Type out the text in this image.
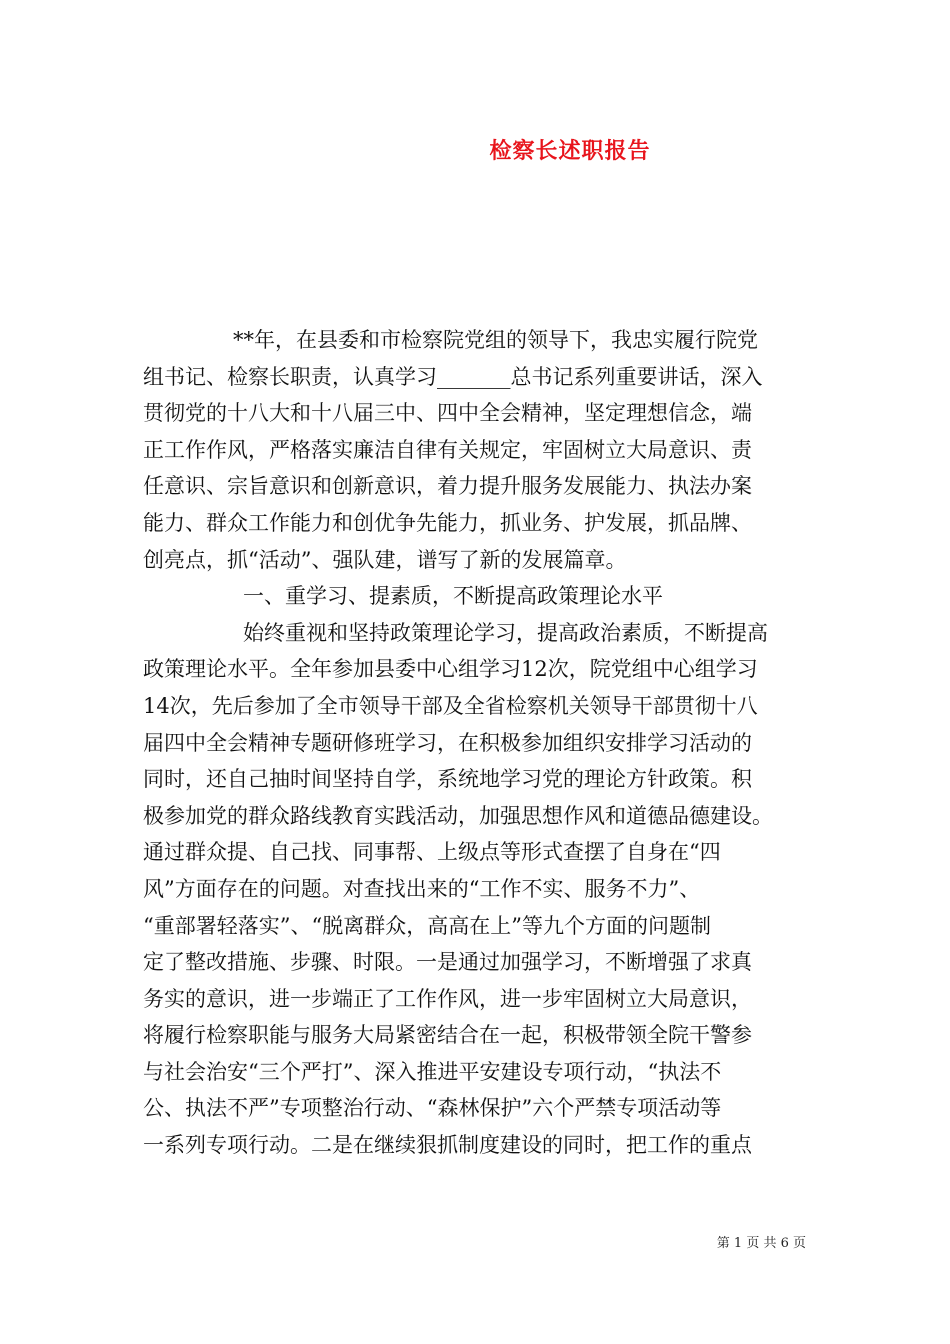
检察长述职报告
**年，在县委和市检察院党组的领导下，我忠实履行院党
组书记、检察长职责，认真学习_______总书记系列重要讲话，深入
贯彻党的十八大和十八届三中、四中全会精神，坚定理想信念，端
正工作作风，严格落实廉洁自律有关规定，牢固树立大局意识、责
任意识、宗旨意识和创新意识，着力提升服务发展能力、执法办案
能力、群众工作能力和创优争先能力，抓业务、护发展，抓品牌、
创亮点，抓“活动”、强队建，谱写了新的发展篇章。
一、重学习、提素质，不断提高政策理论水平
始终重视和坚持政策理论学习，提高政治素质，不断提高
政策理论水平。全年参加县委中心组学习12次，院党组中心组学习
14次，先后参加了全市领导干部及全省检察机关领导干部贯彻十八
届四中全会精神专题研修班学习，在积极参加组织安排学习活动的
同时，还自己抽时间坚持自学，系统地学习党的理论方针政策。积
极参加党的群众路线教育实践活动，加强思想作风和道德品德建设。
通过群众提、自己找、同事帮、上级点等形式查摆了自身在“四
风”方面存在的问题。对查找出来的“工作不实、服务不力”、
“重部署轻落实”、“脱离群众，高高在上”等九个方面的问题制
定了整改措施、步骤、时限。一是通过加强学习，不断增强了求真
务实的意识，进一步端正了工作作风，进一步牢固树立大局意识，
将履行检察职能与服务大局紧密结合在一起，积极带领全院干警参
与社会治安“三个严打”、深入推进平安建设专项行动，“执法不
公、执法不严”专项整治行动、“森林保护”六个严禁专项活动等
一系列专项行动。二是在继续狠抓制度建设的同时，把工作的重点
第 1 页 共 6 页
